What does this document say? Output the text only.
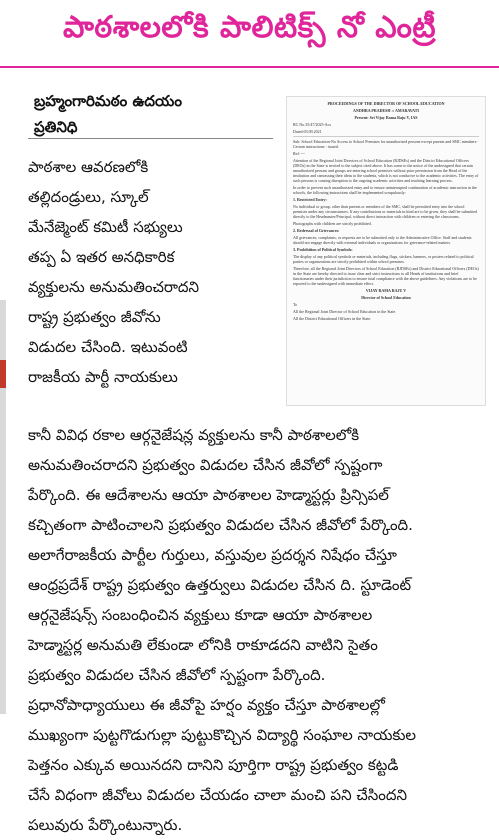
పాఠశాలలోకి పాలిటిక్స్ నో ఎంట్రీ
బ్రహ్మంగారిమఠం ఉదయం
ప్రతినిధి

పాఠశాల ఆవరణలోకి

తల్లిదండ్రులు, స్కూల్

మేనేజ్మెంట్ కమిటీ సభ్యులు

తప్ప ఏ ఇతర అనధికారిక

వ్యక్తులను అనుమతించరాదని

రాష్ట్ర ప్రభుత్వం జీవోను

విడుదల చేసింది. ఇటువంటి

రాజకీయ పార్టీ నాయకులు

PROCEEDINGS OF THE DIRECTOR OF SCHOOL EDUCATION

ANDHRA PRADESH :: AMARAVATI

Present: Sri Vijay Rama Raju V, IAS

RC.No.35/47/2025-Acs

Dated:03.09.2021

Sub: School Education-No Access to School Premises for unauthorized persons except parents and SMC members-Certain instructions - issued.

Ref: ---

Attention of the Regional Joint Directors of School Education (RJDSEs) and the District Educational Officers (DEOs) in the State is invited to the subject cited above. It has come to the notice of the undersigned that certain unauthorized persons and groups are entering school premises without prior permission from the Head of the institution and canvassing their ideas to the students, which is not conducive to the academic activities. The entry of such persons is causing disruption to the ongoing academic activities and teaching learning process.

In order to prevent such unauthorized entry and to ensure uninterrupted continuation of academic instruction in the schools, the following instructions shall be implemented scrupulously:

1. Restricted Entry:

No individual or group, other than parents or members of the SMC, shall be permitted entry into the school premises under any circumstances. If any contributions or materials in kind are to be given, they shall be submitted directly to the Headmaster/Principal, without direct interaction with children or entering the classrooms.

Photographs with children are strictly prohibited.

2. Redressal of Grievances:

All grievances, complaints, or requests are to be submitted only to the Administrative Office. Staff and students should not engage directly with external individuals or organizations for grievance-related matters.

3. Prohibition of Political Symbols:

The display of any political symbols or materials, including flags, stickers, banners, or posters related to political parties or organizations are strictly prohibited within school premises.

Therefore, all the Regional Joint Directors of School Education (RJDSEs) and District Educational Officers (DEOs) in the State are hereby directed to issue clear and strict instructions to all Heads of institutions and brief functionaries under their jurisdiction to ensure total compliance with the above guidelines. Any violations are to be reported to the undersigned with immediate effect.

VIJAY RAMA RAJU V

Director of School Education

To

All the Regional Joint Director of School Education in the State.

All the District Educational Officers in the State.

కానీ వివిధ రకాల ఆర్గనైజేషన్ల వ్యక్తులను కానీ పాఠశాలలోకి

అనుమతించరాదని ప్రభుత్వం విడుదల చేసిన జీవోలో స్పష్టంగా

పేర్కొంది. ఈ ఆదేశాలను ఆయా పాఠశాలల హెడ్మాస్టర్లు ప్రిన్సిపల్

కచ్చితంగా పాటించాలని ప్రభుత్వం విడుదల చేసిన జీవోలో పేర్కొంది.

అలాగేరాజకీయ పార్టీల గుర్తులు, వస్తువుల ప్రదర్శన నిషేధం చేస్తూ

ఆంధ్రప్రదేశ్ రాష్ట్ర ప్రభుత్వం ఉత్తర్వులు విడుదల చేసిన ది. స్టూడెంట్

ఆర్గనైజేషన్స్ సంబంధించిన వ్యక్తులు కూడా ఆయా పాఠశాలల

హెడ్మాస్టర్ల అనుమతి లేకుండా లోనికి రాకూడదని వాటిని సైతం

ప్రభుత్వం విడుదల చేసిన జీవోలో స్పష్టంగా పేర్కొంది.

ప్రధానోపాధ్యాయులు ఈ జీవోపై హర్షం వ్యక్తం చేస్తూ పాఠశాలల్లో

ముఖ్యంగా పుట్టగొడుగుల్లా పుట్టుకొచ్చిన విద్యార్థి సంఘాల నాయకుల

పెత్తనం ఎక్కువ అయినదని దానిని పూర్తిగా రాష్ట్ర ప్రభుత్వం కట్టడి

చేసే విధంగా జీవోలు విడుదల చేయడం చాలా మంచి పని చేసిందని

పలువురు పేర్కొంటున్నారు.
